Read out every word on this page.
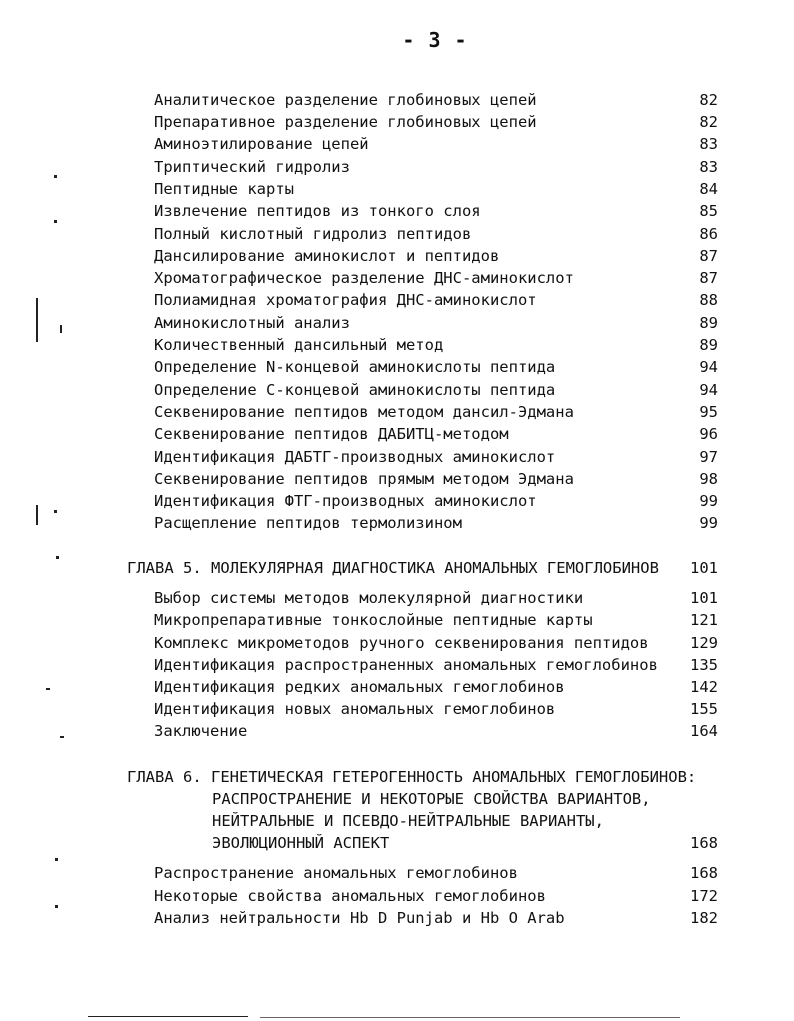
- 3 -
Аналитическое разделение глобиновых цепей	82
Препаративное разделение глобиновых цепей	82
Аминоэтилирование цепей	83
Триптический гидролиз	83
Пептидные карты	84
Извлечение пептидов из тонкого слоя	85
Полный кислотный гидролиз пептидов	86
Дансилирование аминокислот и пептидов	87
Хроматографическое разделение ДНС-аминокислот	87
Полиамидная хроматография ДНС-аминокислот	88
Аминокислотный анализ	89
Количественный дансильный метод	89
Определение N-концевой аминокислоты пептида	94
Определение С-концевой аминокислоты пептида	94
Секвенирование пептидов методом дансил-Эдмана	95
Секвенирование пептидов ДАБИТЦ-методом	96
Идентификация ДАБТГ-производных аминокислот	97
Секвенирование пептидов прямым методом Эдмана	98
Идентификация ФТГ-производных аминокислот	99
Расщепление пептидов термолизином	99
ГЛАВА 5. МОЛЕКУЛЯРНАЯ ДИАГНОСТИКА АНОМАЛЬНЫХ ГЕМОГЛОБИНОВ	101
Выбор системы методов молекулярной диагностики	101
Микропрепаративные тонкослойные пептидные карты	121
Комплекс микрометодов ручного секвенирования пептидов	129
Идентификация распространенных аномальных гемоглобинов	135
Идентификация редких аномальных гемоглобинов	142
Идентификация новых аномальных гемоглобинов	155
Заключение	164
ГЛАВА 6. ГЕНЕТИЧЕСКАЯ ГЕТЕРОГЕННОСТЬ АНОМАЛЬНЫХ ГЕМОГЛОБИНОВ:
РАСПРОСТРАНЕНИЕ И НЕКОТОРЫЕ СВОЙСТВА ВАРИАНТОВ,
НЕЙТРАЛЬНЫЕ И ПСЕВДО-НЕЙТРАЛЬНЫЕ ВАРИАНТЫ,
ЭВОЛЮЦИОННЫЙ АСПЕКТ	168
Распространение аномальных гемоглобинов	168
Некоторые свойства аномальных гемоглобинов	172
Анализ нейтральности Hb D Punjab и Hb O Arab	182
